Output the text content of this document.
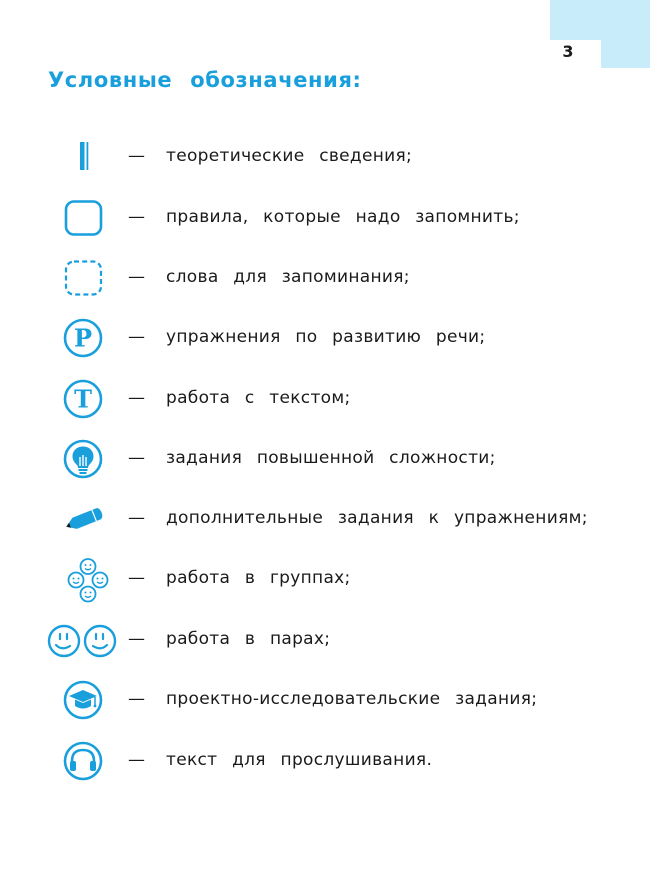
3
Условные обозначения:
— теоретические сведения;
— правила, которые надо запомнить;
— слова для запоминания;
Р — упражнения по развитию речи;
Т — работа с текстом;
— задания повышенной сложности;
— дополнительные задания к упражнениям;
— работа в группах;
— работа в парах;
— проектно-исследовательские задания;
— текст для прослушивания.
